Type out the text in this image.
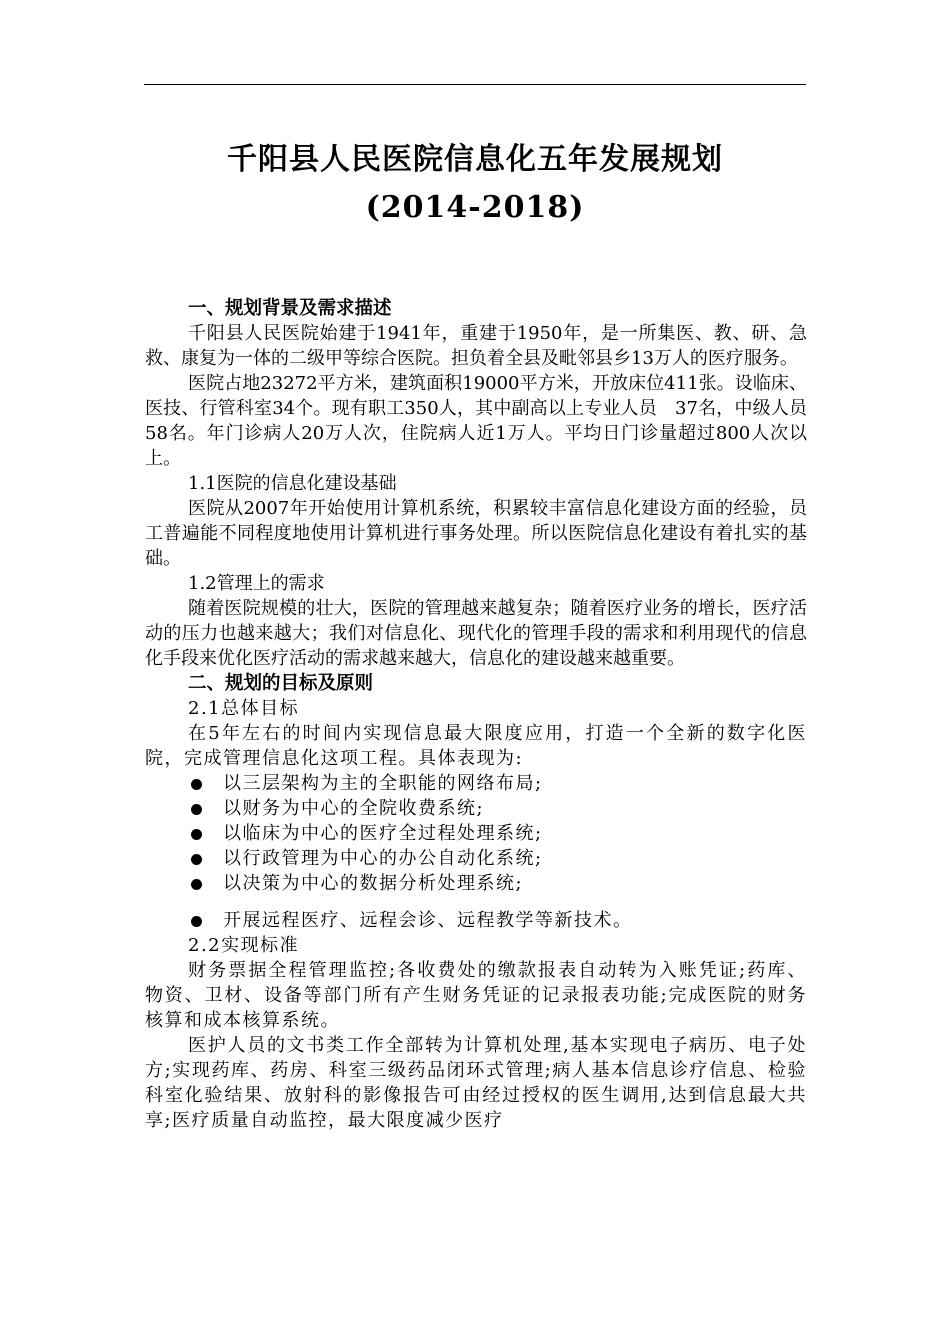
千阳县人民医院信息化五年发展规划
(2014-2018)

一、规划背景及需求描述

千阳县人民医院始建于1941年，重建于1950年，是一所集医、教、研、急救、康复为一体的二级甲等综合医院。担负着全县及毗邻县乡13万人的医疗服务。

医院占地23272平方米，建筑面积19000平方米，开放床位411张。设临床、医技、行管科室34个。现有职工350人，其中副高以上专业人员　37名，中级人员58名。年门诊病人20万人次，住院病人近1万人。平均日门诊量超过800人次以上。

1.1医院的信息化建设基础

医院从2007年开始使用计算机系统，积累较丰富信息化建设方面的经验，员工普遍能不同程度地使用计算机进行事务处理。所以医院信息化建设有着扎实的基础。

1.2管理上的需求

随着医院规模的壮大，医院的管理越来越复杂；随着医疗业务的增长，医疗活动的压力也越来越大；我们对信息化、现代化的管理手段的需求和利用现代的信息化手段来优化医疗活动的需求越来越大，信息化的建设越来越重要。

二、规划的目标及原则

2.1总体目标

在5年左右的时间内实现信息最大限度应用，打造一个全新的数字化医院，完成管理信息化这项工程。具体表现为:

以三层架构为主的全职能的网络布局;
以财务为中心的全院收费系统;
以临床为中心的医疗全过程处理系统;
以行政管理为中心的办公自动化系统;
以决策为中心的数据分析处理系统;
开展远程医疗、远程会诊、远程教学等新技术。

2.2实现标准

财务票据全程管理监控;各收费处的缴款报表自动转为入账凭证;药库、物资、卫材、设备等部门所有产生财务凭证的记录报表功能;完成医院的财务核算和成本核算系统。

医护人员的文书类工作全部转为计算机处理,基本实现电子病历、电子处方;实现药库、药房、科室三级药品闭环式管理;病人基本信息诊疗信息、检验科室化验结果、放射科的影像报告可由经过授权的医生调用,达到信息最大共享;医疗质量自动监控，最大限度减少医疗
